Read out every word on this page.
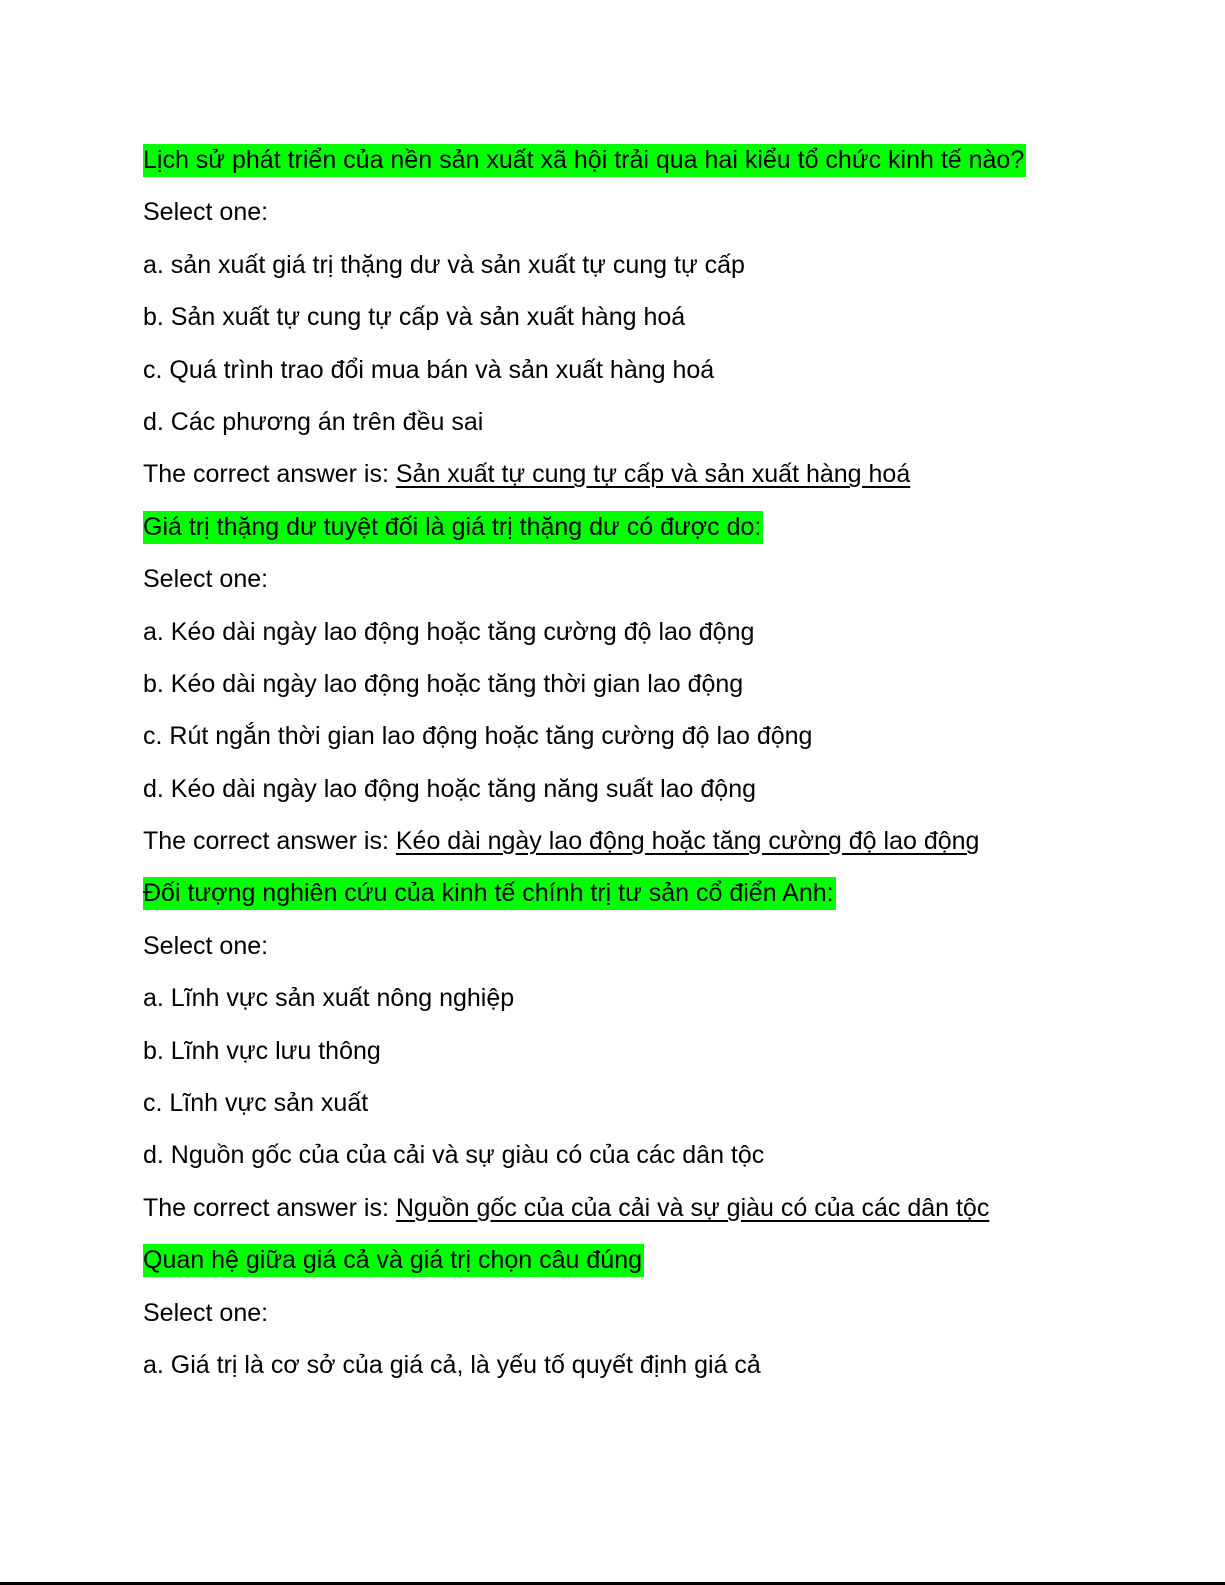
Lịch sử phát triển của nền sản xuất xã hội trải qua hai kiểu tổ chức kinh tế nào?
Select one:
a. sản xuất giá trị thặng dư và sản xuất tự cung tự cấp
b. Sản xuất tự cung tự cấp và sản xuất hàng hoá
c. Quá trình trao đổi mua bán và sản xuất hàng hoá
d. Các phương án trên đều sai
The correct answer is: Sản xuất tự cung tự cấp và sản xuất hàng hoá
Giá trị thặng dư tuyệt đối là giá trị thặng dư có được do:
Select one:
a. Kéo dài ngày lao động hoặc tăng cường độ lao động
b. Kéo dài ngày lao động hoặc tăng thời gian lao động
c. Rút ngắn thời gian lao động hoặc tăng cường độ lao động
d. Kéo dài ngày lao động hoặc tăng năng suất lao động
The correct answer is: Kéo dài ngày lao động hoặc tăng cường độ lao động
Đối tượng nghiên cứu của kinh tế chính trị tư sản cổ điển Anh:
Select one:
a. Lĩnh vực sản xuất nông nghiệp
b. Lĩnh vực lưu thông
c. Lĩnh vực sản xuất
d. Nguồn gốc của của cải và sự giàu có của các dân tộc
The correct answer is: Nguồn gốc của của cải và sự giàu có của các dân tộc
Quan hệ giữa giá cả và giá trị chọn câu đúng
Select one:
a. Giá trị là cơ sở của giá cả, là yếu tố quyết định giá cả
